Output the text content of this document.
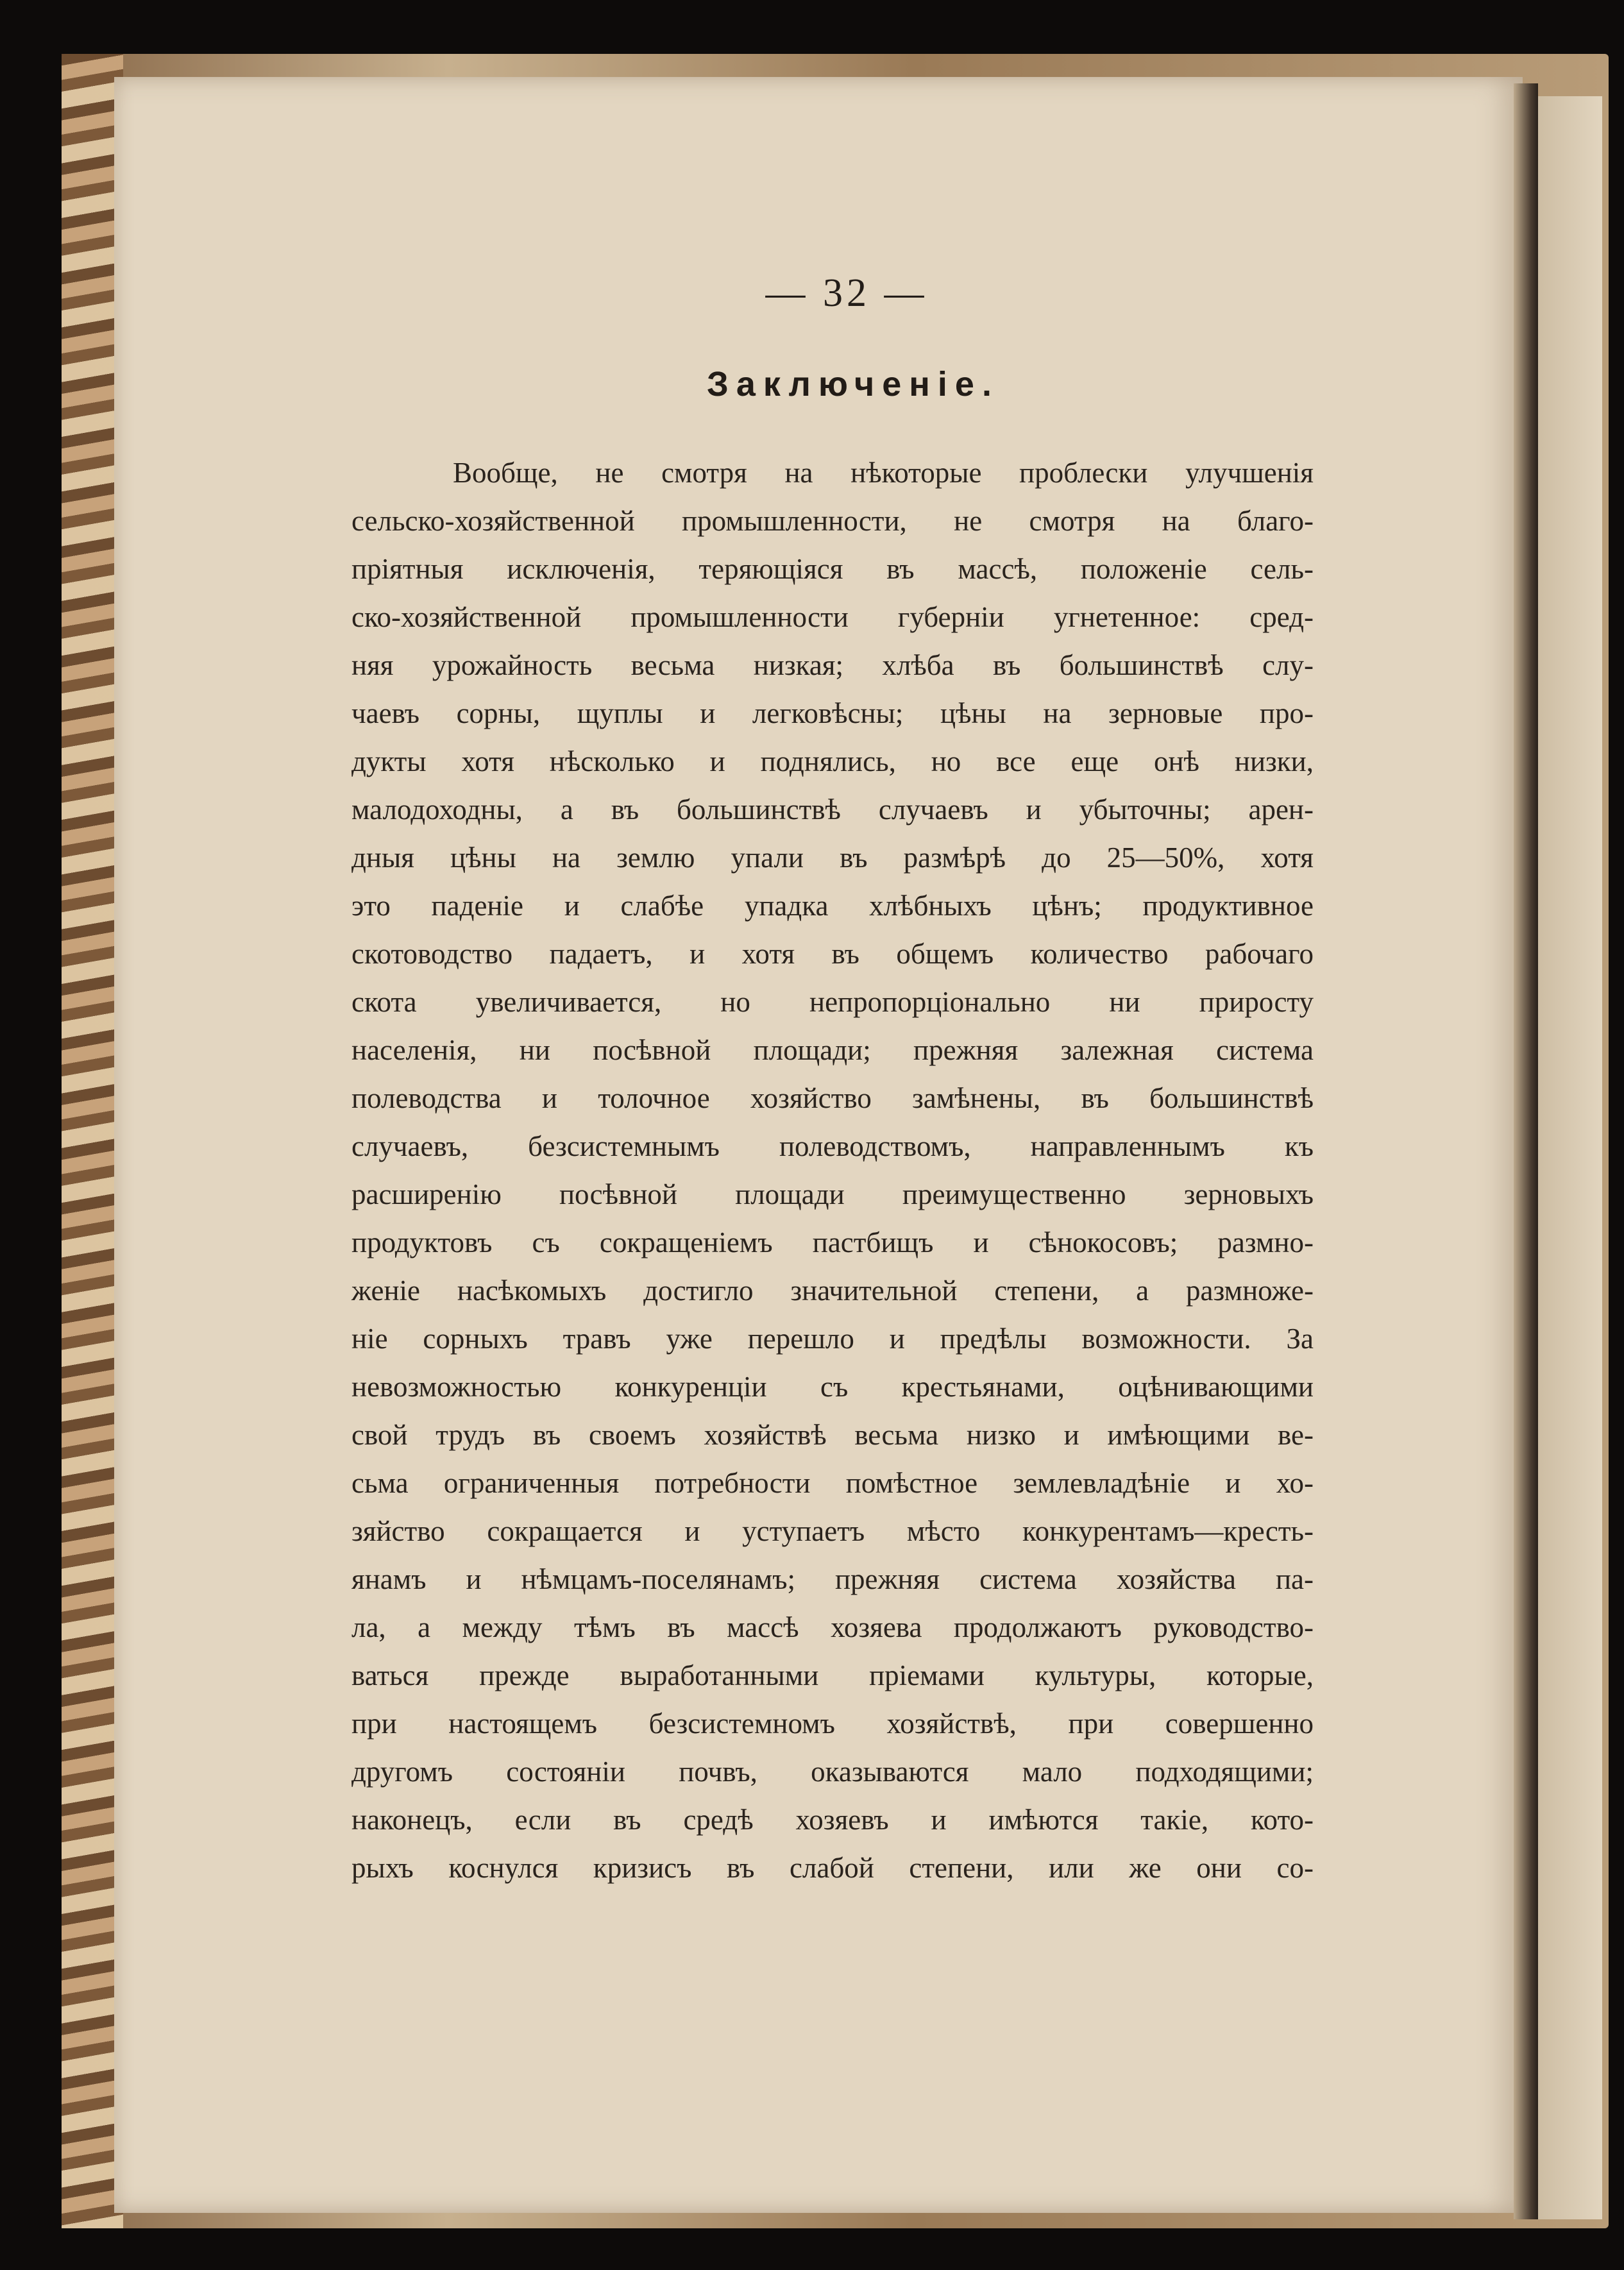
— 32 —
Заключеніе.
Вообще, не смотря на нѣкоторые проблески улучшенія
сельско-хозяйственной промышленности, не смотря на благо-
пріятныя исключенія, теряющіяся въ массѣ, положеніе сель-
ско-хозяйственной промышленности губерніи угнетенное: сред-
няя урожайность весьма низкая; хлѣба въ большинствѣ слу-
чаевъ сорны, щуплы и легковѣсны; цѣны на зерновые про-
дукты хотя нѣсколько и поднялись, но все еще онѣ низки,
малодоходны, а въ большинствѣ случаевъ и убыточны; арен-
дныя цѣны на землю упали въ размѣрѣ до 25—50%, хотя
это паденіе и слабѣе упадка хлѣбныхъ цѣнъ; продуктивное
скотоводство падаетъ, и хотя въ общемъ количество рабочаго
скота увеличивается, но непропорціонально ни приросту
населенія, ни посѣвной площади; прежняя залежная система
полеводства и толочное хозяйство замѣнены, въ большинствѣ
случаевъ, безсистемнымъ полеводствомъ, направленнымъ къ
расширенію посѣвной площади преимущественно зерновыхъ
продуктовъ съ сокращеніемъ пастбищъ и сѣнокосовъ; размно-
женіе насѣкомыхъ достигло значительной степени, а размноже-
ніе сорныхъ травъ уже перешло и предѣлы возможности. За
невозможностью конкуренціи съ крестьянами, оцѣнивающими
свой трудъ въ своемъ хозяйствѣ весьма низко и имѣющими ве-
сьма ограниченныя потребности помѣстное землевладѣніе и хо-
зяйство сокращается и уступаетъ мѣсто конкурентамъ—кресть-
янамъ и нѣмцамъ-поселянамъ; прежняя система хозяйства па-
ла, а между тѣмъ въ массѣ хозяева продолжаютъ руководство-
ваться прежде выработанными пріемами культуры, которые,
при настоящемъ безсистемномъ хозяйствѣ, при совершенно
другомъ состояніи почвъ, оказываются мало подходящими;
наконецъ, если въ средѣ хозяевъ и имѣются такіе, кото-
рыхъ коснулся кризисъ въ слабой степени, или же они со-
